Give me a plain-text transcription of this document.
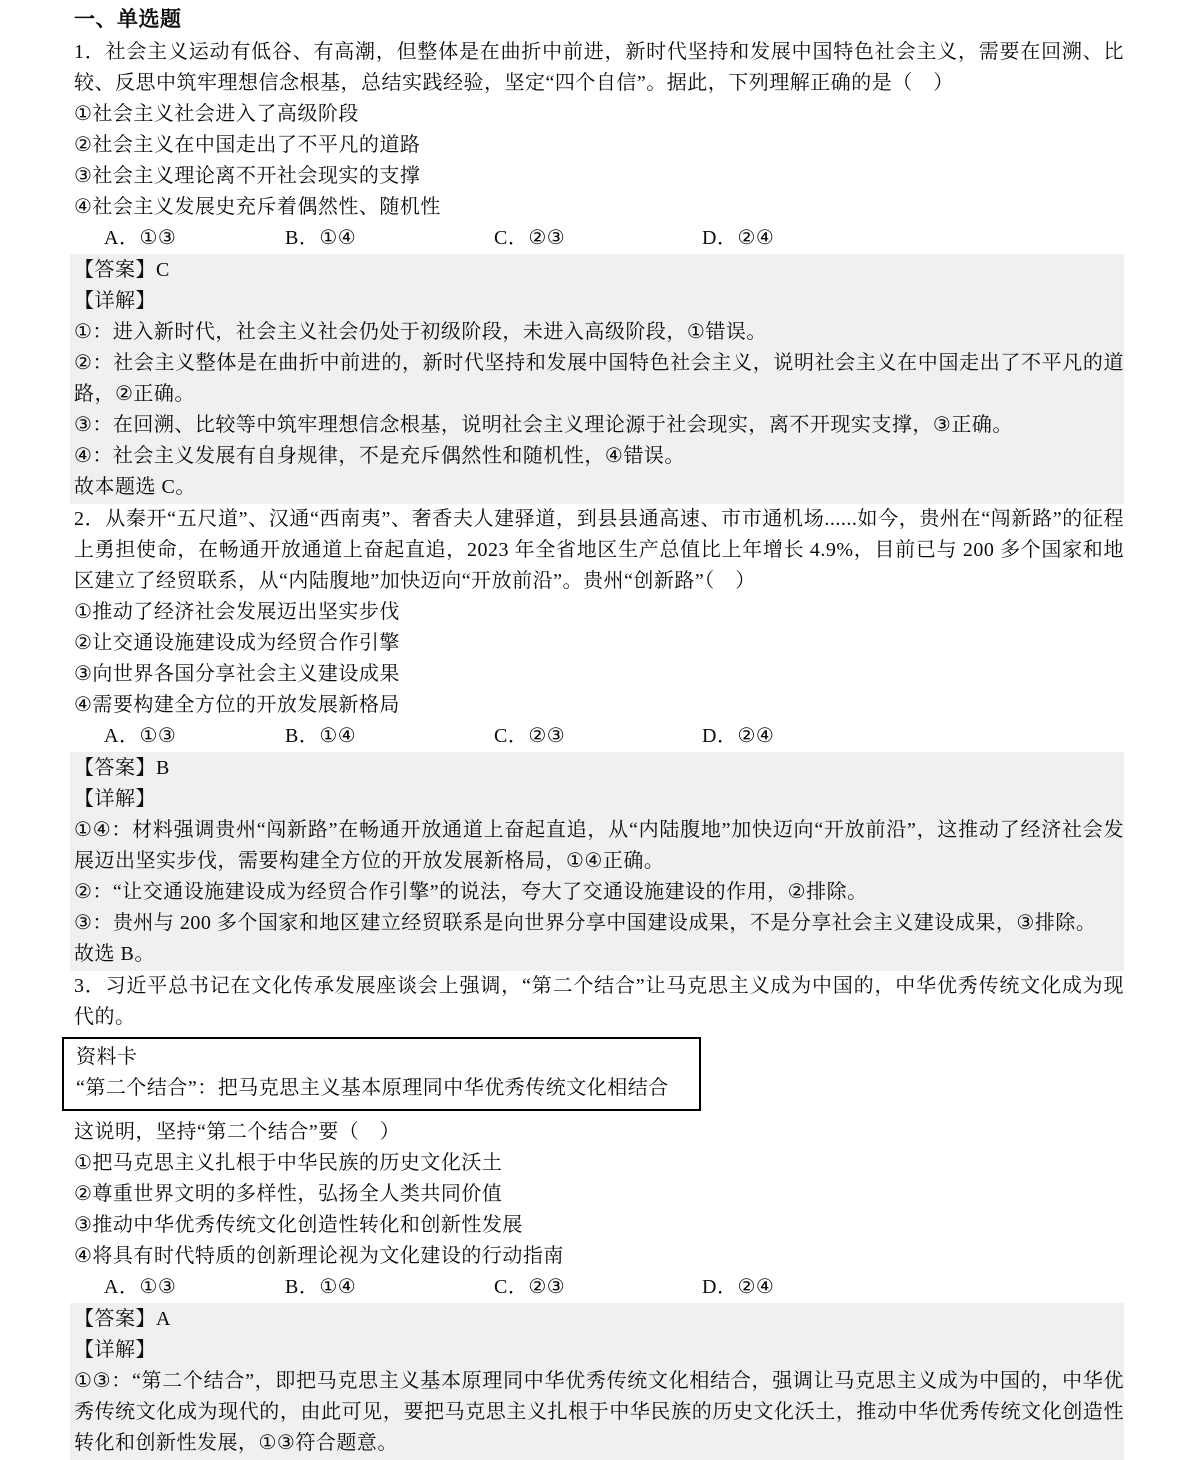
一、单选题

1．社会主义运动有低谷、有高潮，但整体是在曲折中前进，新时代坚持和发展中国特色社会主义，需要在回溯、比较、反思中筑牢理想信念根基，总结实践经验，坚定“四个自信”。据此，下列理解正确的是（　）

①社会主义社会进入了高级阶段

②社会主义在中国走出了不平凡的道路

③社会主义理论离不开社会现实的支撑

④社会主义发展史充斥着偶然性、随机性

A．①③	B．①④	C．②③	D．②④

【答案】C

【详解】

①：进入新时代，社会主义社会仍处于初级阶段，未进入高级阶段，①错误。

②：社会主义整体是在曲折中前进的，新时代坚持和发展中国特色社会主义，说明社会主义在中国走出了不平凡的道路，②正确。

③：在回溯、比较等中筑牢理想信念根基，说明社会主义理论源于社会现实，离不开现实支撑，③正确。

④：社会主义发展有自身规律，不是充斥偶然性和随机性，④错误。

故本题选 C。

2．从秦开“五尺道”、汉通“西南夷”、奢香夫人建驿道，到县县通高速、市市通机场......如今，贵州在“闯新路”的征程上勇担使命，在畅通开放通道上奋起直追，2023 年全省地区生产总值比上年增长 4.9%，目前已与 200 多个国家和地区建立了经贸联系，从“内陆腹地”加快迈向“开放前沿”。贵州“创新路”（　）

①推动了经济社会发展迈出坚实步伐

②让交通设施建设成为经贸合作引擎

③向世界各国分享社会主义建设成果

④需要构建全方位的开放发展新格局

A．①③	B．①④	C．②③	D．②④

【答案】B

【详解】

①④：材料强调贵州“闯新路”在畅通开放通道上奋起直追，从“内陆腹地”加快迈向“开放前沿”，这推动了经济社会发展迈出坚实步伐，需要构建全方位的开放发展新格局，①④正确。

②：“让交通设施建设成为经贸合作引擎”的说法，夸大了交通设施建设的作用，②排除。

③：贵州与 200 多个国家和地区建立经贸联系是向世界分享中国建设成果，不是分享社会主义建设成果，③排除。

故选 B。

3．习近平总书记在文化传承发展座谈会上强调，“第二个结合”让马克思主义成为中国的，中华优秀传统文化成为现代的。

资料卡

“第二个结合”：把马克思主义基本原理同中华优秀传统文化相结合

这说明，坚持“第二个结合”要（　）

①把马克思主义扎根于中华民族的历史文化沃土

②尊重世界文明的多样性，弘扬全人类共同价值

③推动中华优秀传统文化创造性转化和创新性发展

④将具有时代特质的创新理论视为文化建设的行动指南

A．①③	B．①④	C．②③	D．②④

【答案】A

【详解】

①③：“第二个结合”，即把马克思主义基本原理同中华优秀传统文化相结合，强调让马克思主义成为中国的，中华优秀传统文化成为现代的，由此可见，要把马克思主义扎根于中华民族的历史文化沃土，推动中华优秀传统文化创造性转化和创新性发展，①③符合题意。
